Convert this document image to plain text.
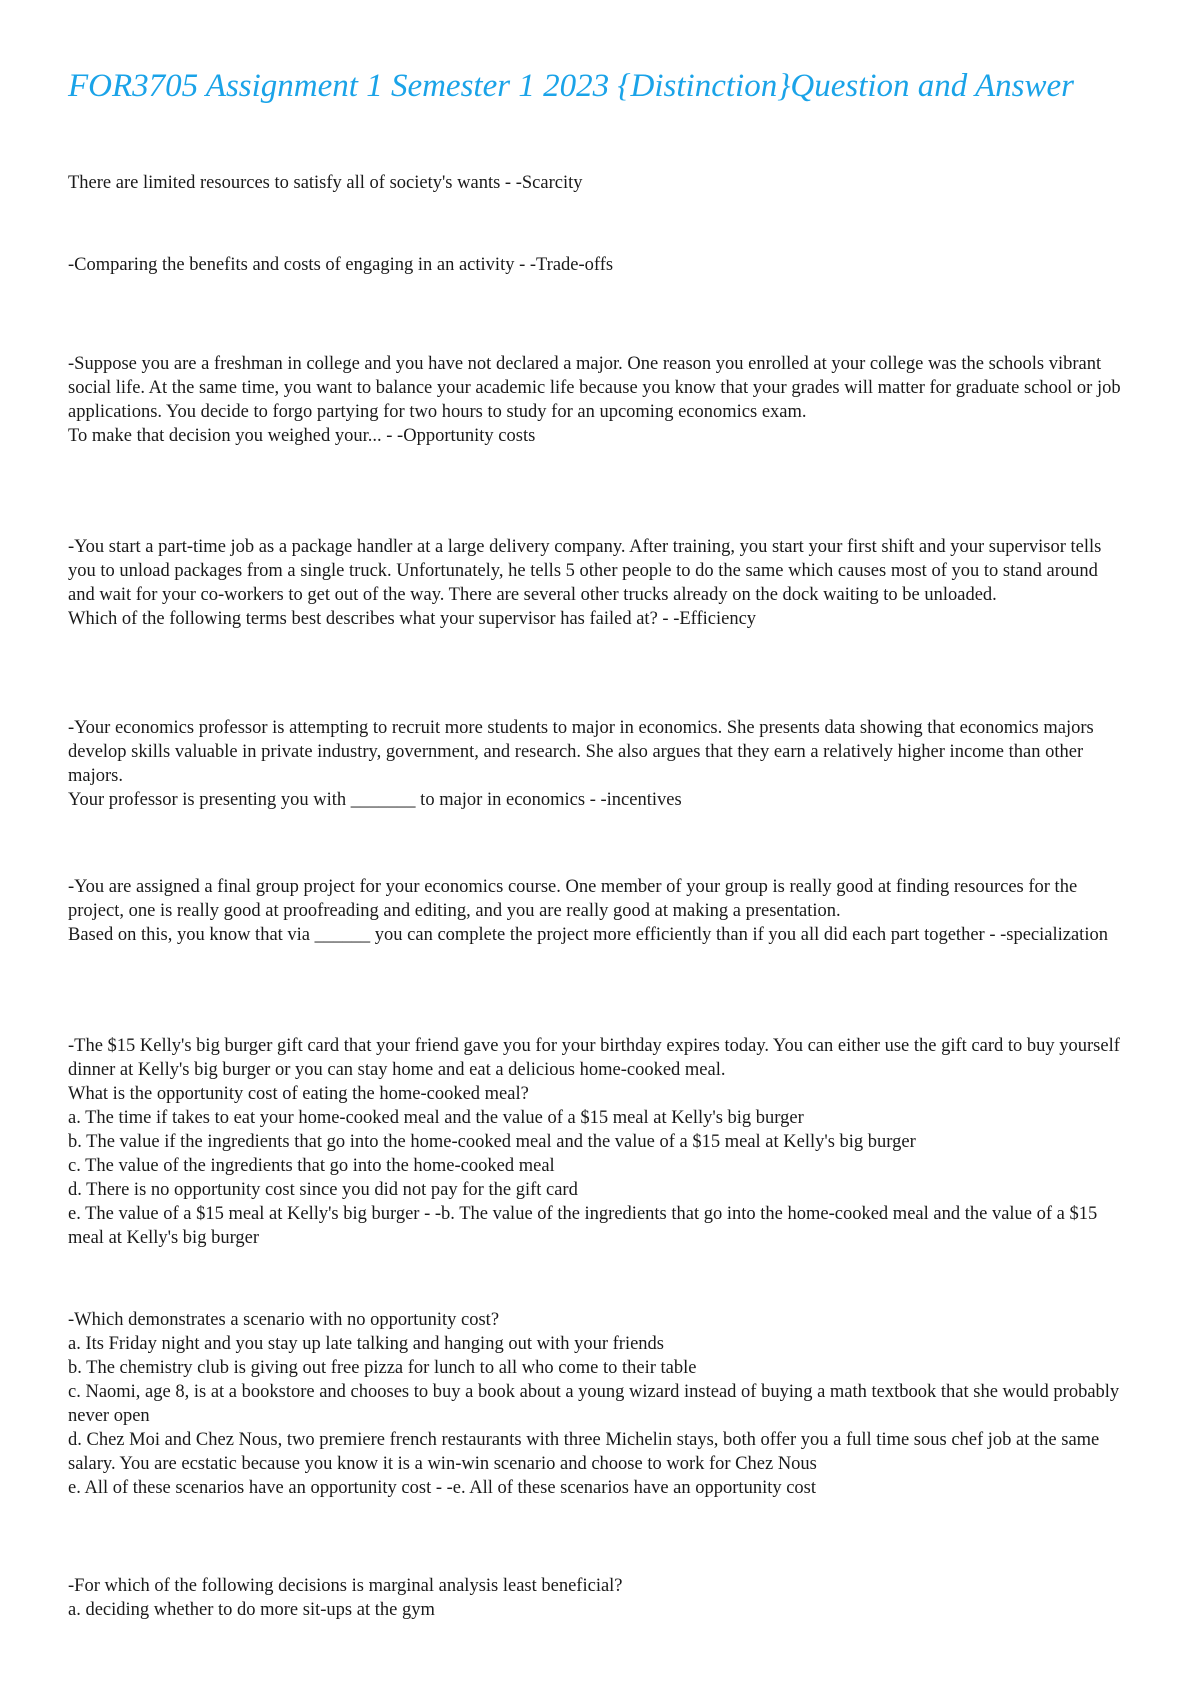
FOR3705 Assignment 1 Semester 1 2023 {Distinction}Question and Answer
There are limited resources to satisfy all of society's wants - -Scarcity
-Comparing the benefits and costs of engaging in an activity - -Trade-offs
-Suppose you are a freshman in college and you have not declared a major. One reason you enrolled at your college was the schools vibrant social life. At the same time, you want to balance your academic life because you know that your grades will matter for graduate school or job applications. You decide to forgo partying for two hours to study for an upcoming economics exam.
To make that decision you weighed your... - -Opportunity costs
-You start a part-time job as a package handler at a large delivery company. After training, you start your first shift and your supervisor tells you to unload packages from a single truck. Unfortunately, he tells 5 other people to do the same which causes most of you to stand around and wait for your co-workers to get out of the way. There are several other trucks already on the dock waiting to be unloaded.
Which of the following terms best describes what your supervisor has failed at? - -Efficiency
-Your economics professor is attempting to recruit more students to major in economics. She presents data showing that economics majors develop skills valuable in private industry, government, and research. She also argues that they earn a relatively higher income than other majors.
Your professor is presenting you with _______ to major in economics - -incentives
-You are assigned a final group project for your economics course. One member of your group is really good at finding resources for the project, one is really good at proofreading and editing, and you are really good at making a presentation.
Based on this, you know that via ______ you can complete the project more efficiently than if you all did each part together - -specialization
-The $15 Kelly's big burger gift card that your friend gave you for your birthday expires today. You can either use the gift card to buy yourself dinner at Kelly's big burger or you can stay home and eat a delicious home-cooked meal.
What is the opportunity cost of eating the home-cooked meal?
a. The time if takes to eat your home-cooked meal and the value of a $15 meal at Kelly's big burger
b. The value if the ingredients that go into the home-cooked meal and the value of a $15 meal at Kelly's big burger
c. The value of the ingredients that go into the home-cooked meal
d. There is no opportunity cost since you did not pay for the gift card
e. The value of a $15 meal at Kelly's big burger - -b. The value of the ingredients that go into the home-cooked meal and the value of a $15 meal at Kelly's big burger
-Which demonstrates a scenario with no opportunity cost?
a. Its Friday night and you stay up late talking and hanging out with your friends
b. The chemistry club is giving out free pizza for lunch to all who come to their table
c. Naomi, age 8, is at a bookstore and chooses to buy a book about a young wizard instead of buying a math textbook that she would probably never open
d. Chez Moi and Chez Nous, two premiere french restaurants with three Michelin stays, both offer you a full time sous chef job at the same salary. You are ecstatic because you know it is a win-win scenario and choose to work for Chez Nous
e. All of these scenarios have an opportunity cost - -e. All of these scenarios have an opportunity cost
-For which of the following decisions is marginal analysis least beneficial?
a. deciding whether to do more sit-ups at the gym
